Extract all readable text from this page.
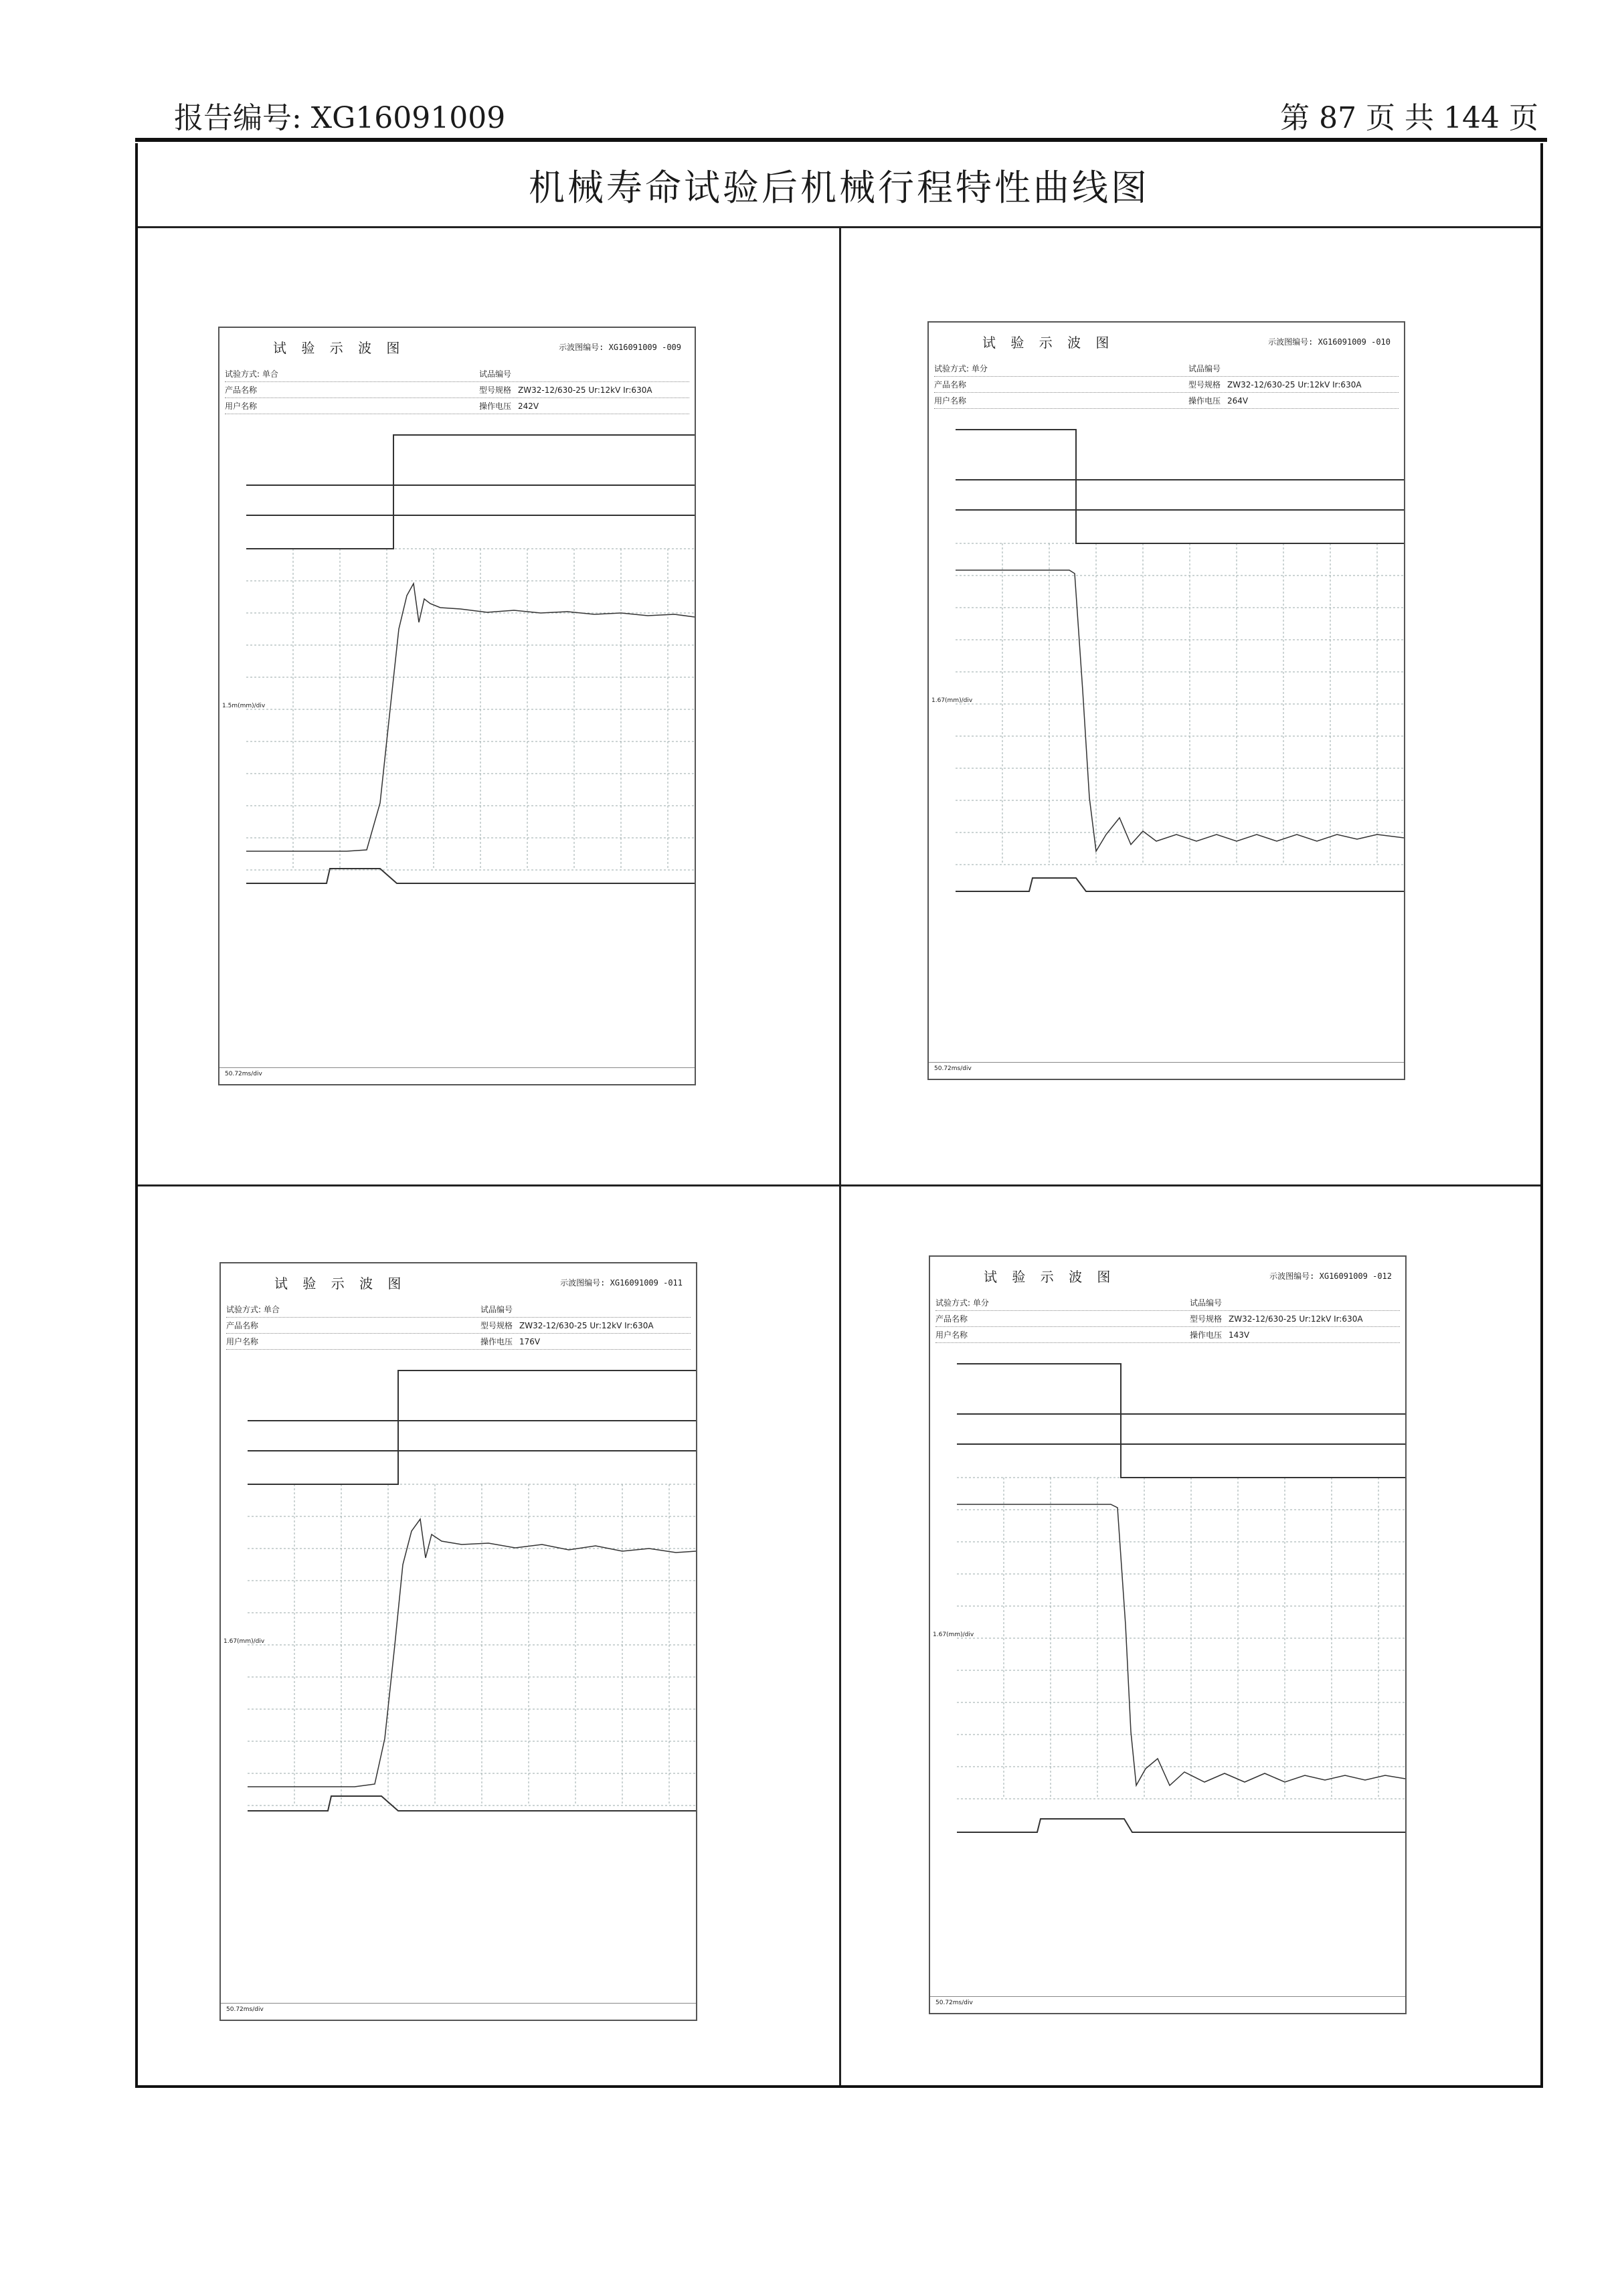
报告编号: XG16091009	第 87 页 共 144 页
机械寿命试验后机械行程特性曲线图
试 验 示 波 图	示波图编号: XG16091009 -009
试验方式: 单合	试品编号
产品名称	型号规格 ZW32-12/630-25 Ur:12kV Ir:630A
用户名称	操作电压 242V
1.5m(mm)/div
50.72ms/div
试 验 示 波 图	示波图编号: XG16091009 -010
试验方式: 单分	试品编号
产品名称	型号规格 ZW32-12/630-25 Ur:12kV Ir:630A
用户名称	操作电压 264V
1.67(mm)/div
50.72ms/div
试 验 示 波 图	示波图编号: XG16091009 -011
试验方式: 单合	试品编号
产品名称	型号规格 ZW32-12/630-25 Ur:12kV Ir:630A
用户名称	操作电压 176V
1.67(mm)/div
50.72ms/div
试 验 示 波 图	示波图编号: XG16091009 -012
试验方式: 单分	试品编号
产品名称	型号规格 ZW32-12/630-25 Ur:12kV Ir:630A
用户名称	操作电压 143V
1.67(mm)/div
50.72ms/div
